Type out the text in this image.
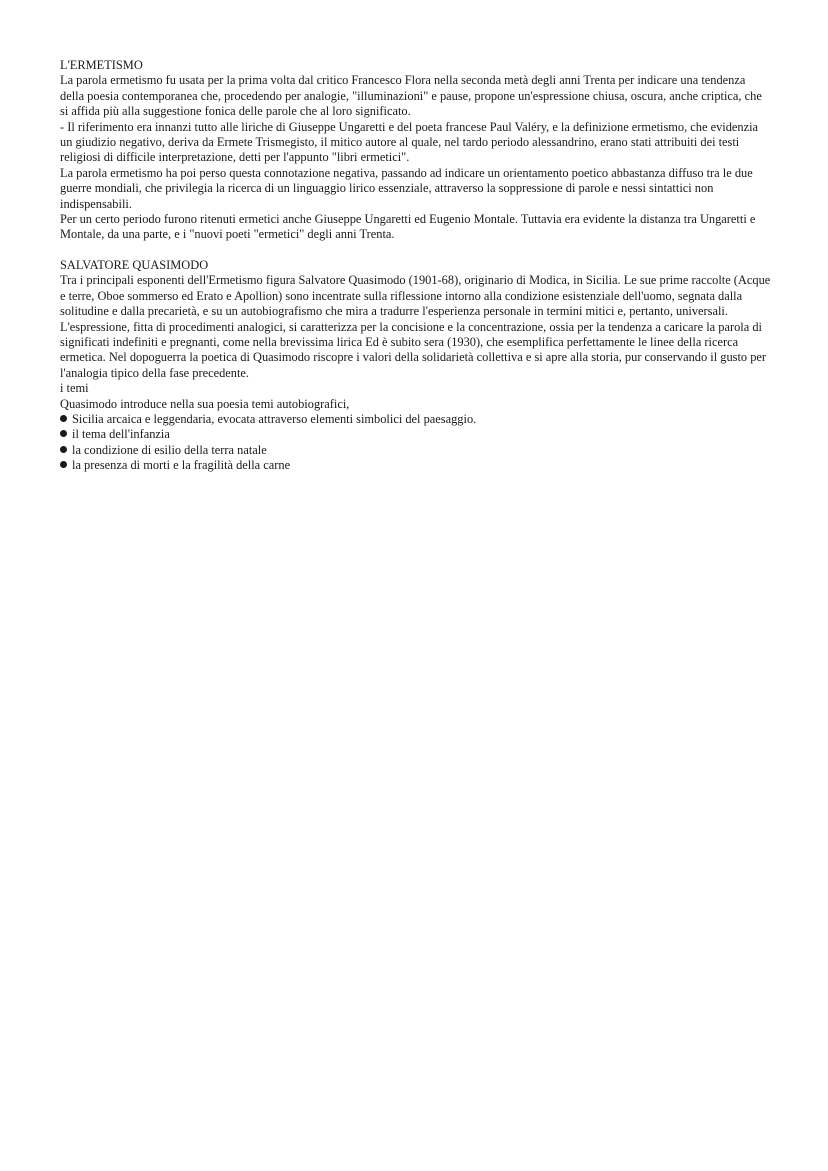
L'ERMETISMO

La parola ermetismo fu usata per la prima volta dal critico Francesco Flora nella seconda metà degli anni Trenta per indicare una tendenza della poesia contemporanea che, procedendo per analogie, "illuminazioni" e pause, propone un'espressione chiusa, oscura, anche criptica, che si affida più alla suggestione fonica delle parole che al loro significato.

- Il riferimento era innanzi tutto alle liriche di Giuseppe Ungaretti e del poeta francese Paul Valéry, e la definizione ermetismo, che evidenzia un giudizio negativo, deriva da Ermete Trismegisto, il mitico autore al quale, nel tardo periodo alessandrino, erano stati attribuiti dei testi religiosi di difficile interpretazione, detti per l'appunto "libri ermetici".

La parola ermetismo ha poi perso questa connotazione negativa, passando ad indicare un orientamento poetico abbastanza diffuso tra le due guerre mondiali, che privilegia la ricerca di un linguaggio lirico essenziale, attraverso la soppressione di parole e nessi sintattici non indispensabili.

Per un certo periodo furono ritenuti ermetici anche Giuseppe Ungaretti ed Eugenio Montale. Tuttavia era evidente la distanza tra Ungaretti e Montale, da una parte, e i "nuovi poeti "ermetici" degli anni Trenta.

SALVATORE QUASIMODO

Tra i principali esponenti dell'Ermetismo figura Salvatore Quasimodo (1901-68), originario di Modica, in Sicilia. Le sue prime raccolte (Acque e terre, Oboe sommerso ed Erato e Apollion) sono incentrate sulla riflessione intorno alla condizione esistenziale dell'uomo, segnata dalla solitudine e dalla precarietà, e su un autobiografismo che mira a tradurre l'esperienza personale in termini mitici e, pertanto, universali. L'espressione, fitta di procedimenti analogici, si caratterizza per la concisione e la concentrazione, ossia per la tendenza a caricare la parola di significati indefiniti e pregnanti, come nella brevissima lirica Ed è subito sera (1930), che esemplifica perfettamente le linee della ricerca ermetica. Nel dopoguerra la poetica di Quasimodo riscopre i valori della solidarietà collettiva e si apre alla storia, pur conservando il gusto per l'analogia tipico della fase precedente.

i temi

Quasimodo introduce nella sua poesia temi autobiografici,

Sicilia arcaica e leggendaria, evocata attraverso elementi simbolici del paesaggio.
il tema dell'infanzia
la condizione di esilio della terra natale
la presenza di morti e la fragilità della carne
